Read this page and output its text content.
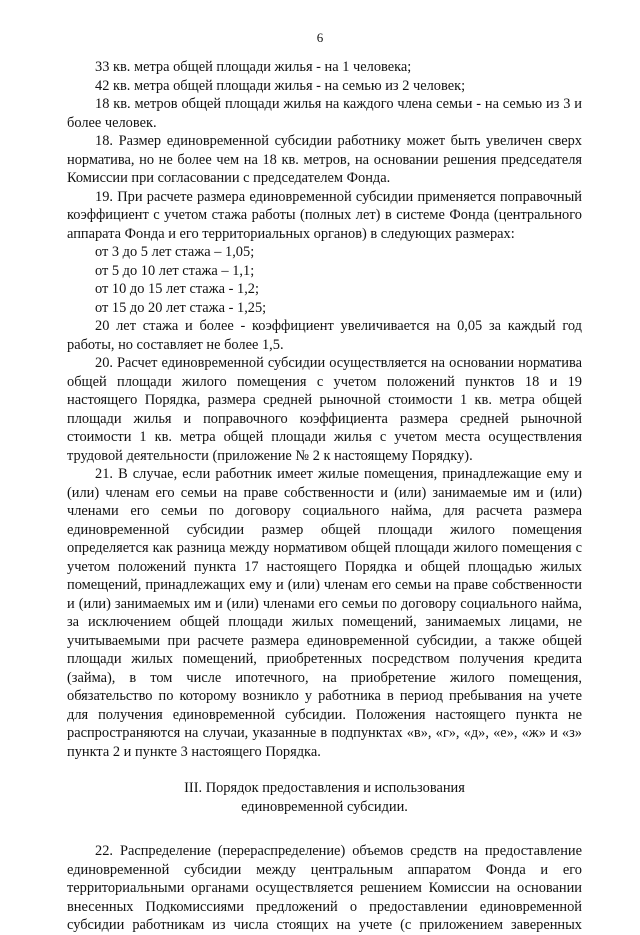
6
33 кв. метра общей площади жилья - на 1 человека;
42 кв. метра общей площади жилья - на семью из 2 человек;
18 кв. метров общей площади жилья на каждого члена семьи - на семью из 3 и
более человек.
18. Размер единовременной субсидии работнику может быть увеличен сверх
норматива, но не более чем на 18 кв. метров, на основании решения председателя
Комиссии при согласовании с председателем Фонда.
19. При расчете размера единовременной субсидии применяется поправочный
коэффициент с учетом стажа работы (полных лет) в системе Фонда (центрального
аппарата Фонда и его территориальных органов) в следующих размерах:
от 3 до 5 лет стажа – 1,05;
от 5 до 10 лет стажа – 1,1;
от 10 до 15 лет стажа - 1,2;
от 15 до 20 лет стажа - 1,25;
20 лет стажа и более - коэффициент увеличивается на 0,05 за каждый год
работы, но составляет не более 1,5.
20. Расчет единовременной субсидии осуществляется на основании норматива
общей площади жилого помещения с учетом положений пунктов 18 и 19
настоящего Порядка, размера средней рыночной стоимости 1 кв. метра общей
площади жилья и поправочного коэффициента размера средней рыночной
стоимости 1 кв. метра общей площади жилья с учетом места осуществления
трудовой деятельности (приложение № 2 к настоящему Порядку).
21. В случае, если работник имеет жилые помещения, принадлежащие ему и
(или) членам его семьи на праве собственности и (или) занимаемые им и (или)
членами его семьи по договору социального найма, для расчета размера
единовременной субсидии размер общей площади жилого помещения
определяется как разница между нормативом общей площади жилого помещения с
учетом положений пункта 17 настоящего Порядка и общей площадью жилых
помещений, принадлежащих ему и (или) членам его семьи на праве собственности
и (или) занимаемых им и (или) членами его семьи по договору социального найма,
за исключением общей площади жилых помещений, занимаемых лицами, не
учитываемыми при расчете размера единовременной субсидии, а также общей
площади жилых помещений, приобретенных посредством получения кредита
(займа), в том числе ипотечного, на приобретение жилого помещения,
обязательство по которому возникло у работника в период пребывания на учете
для получения единовременной субсидии. Положения настоящего пункта не
распространяются на случаи, указанные в подпунктах «в», «г», «д», «е», «ж» и «з»
пункта 2 и пункте 3 настоящего Порядка.
III. Порядок предоставления и использования
единовременной субсидии.
22. Распределение (перераспределение) объемов средств на предоставление
единовременной субсидии между центральным аппаратом Фонда и его
территориальными органами осуществляется решением Комиссии на основании
внесенных Подкомиссиями предложений о предоставлении единовременной
субсидии работникам из числа стоящих на учете (с приложением заверенных
